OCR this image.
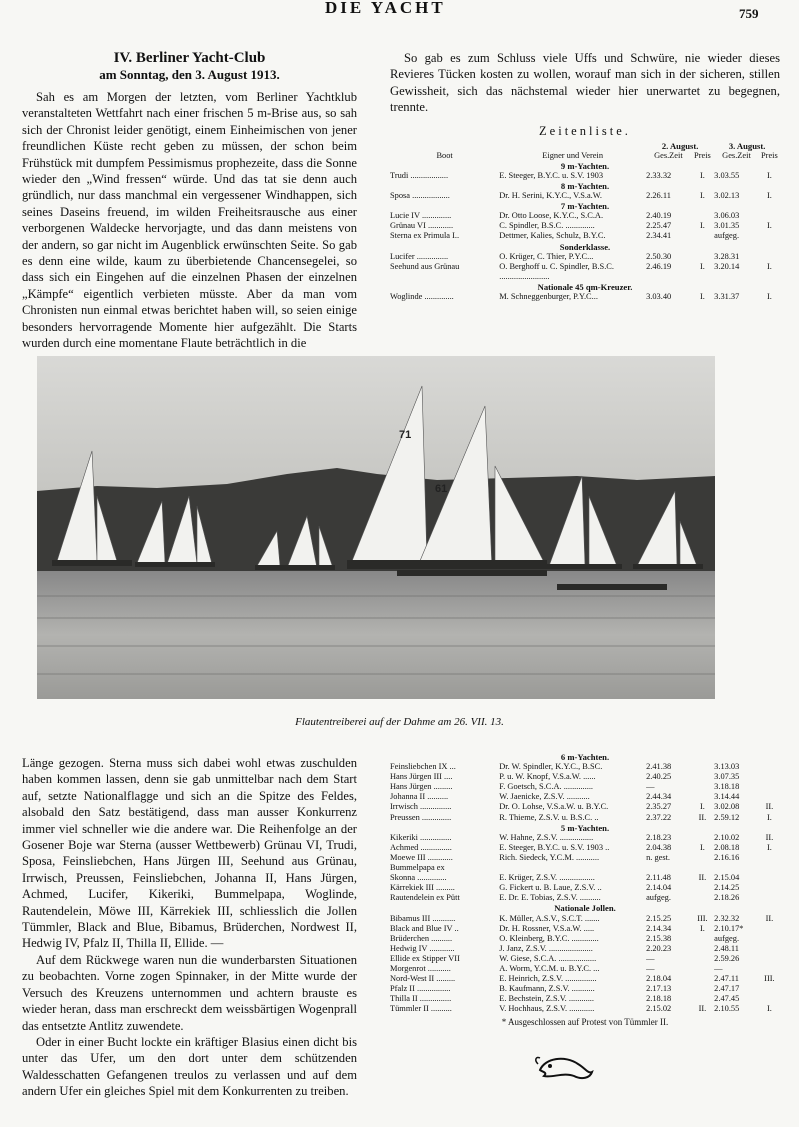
DIE YACHT	759

IV. Berliner Yacht-Club

am Sonntag, den 3. August 1913.

Sah es am Morgen der letzten, vom Berliner Yachtklub veranstalteten Wettfahrt nach einer frischen 5 m-Brise aus, so sah sich der Chronist leider genötigt, einem Einheimischen von jener freundlichen Küste recht geben zu müssen, der schon beim Frühstück mit dumpfem Pessimismus prophezeite, dass die Sonne wieder den „Wind fressen“ würde. Und das tat sie denn auch gründlich, nur dass manchmal ein vergessener Windhappen, sich seines Daseins freuend, im wilden Freiheitsrausche aus einer verborgenen Waldecke hervorjagte, und das dann meistens von der andern, so gar nicht im Augenblick erwünschten Seite. So gab es denn eine wilde, kaum zu überbietende Chancensegelei, so dass sich ein Eingehen auf die einzelnen Phasen der einzelnen „Kämpfe“ eigentlich verbieten müsste. Aber da man vom Chronisten nun einmal etwas berichtet haben will, so seien einige besonders hervorragende Momente hier aufgezählt. Die Starts wurden durch eine momentane Flaute beträchtlich in die

So gab es zum Schluss viele Uffs und Schwüre, nie wieder dieses Revieres Tücken kosten zu wollen, worauf man sich in der sicheren, stillen Gewissheit, sich das nächstemal wieder hier unerwartet zu begegnen, trennte.

Zeitenliste.
		2. August.		3. August.	
Boot	Eigner und Verein	Ges.Zeit	Preis	Ges.Zeit	Preis
9 m-Yachten.					
Trudi ..................	E. Steeger, B.Y.C. u. S.V. 1903	2.33.32	I.	3.03.55	I.
8 m-Yachten.					
Sposa ..................	Dr. H. Serini, K.Y.C., V.S.a.W.	2.26.11	I.	3.02.13	I.
7 m-Yachten.					
Lucie IV ..............	Dr. Otto Loose, K.Y.C., S.C.A.	2.40.19		3.06.03	
Grünau VI ............	C. Spindler, B.S.C. ..............	2.25.47	I.	3.01.35	I.
Sterna ex Primula I..	Dettmer, Kalies, Schulz, B.Y.C.	2.34.41		aufgeg.	
Sonderklasse.					
Lucifer ...............	O. Krüger, C. Thier, P.Y.C...	2.50.30		3.28.31	
Seehund aus Grünau	O. Berghoff u. C. Spindler, B.S.C. ........................	2.46.19	I.	3.20.14	I.
Nationale 45 qm-Kreuzer.					
Woglinde ..............	M. Schneggenburger, P.Y.C...	3.03.40	I.	3.31.37	I.
71
61
Flautentreiberei auf der Dahme am 26. VII. 13.

Länge gezogen. Sterna muss sich dabei wohl etwas zuschulden haben kommen lassen, denn sie gab unmittelbar nach dem Start auf, setzte Nationalflagge und sich an die Spitze des Feldes, alsobald den Satz bestätigend, dass man ausser Konkurrenz immer viel schneller wie die andere war. Die Reihenfolge an der Gosener Boje war Sterna (ausser Wettbewerb) Grünau VI, Trudi, Sposa, Feinsliebchen, Hans Jürgen III, Seehund aus Grünau, Irrwisch, Preussen, Feinsliebchen, Johanna II, Hans Jürgen, Achmed, Lucifer, Kikeriki, Bummelpapa, Woglinde, Rautendelein, Möwe III, Kärrekiek III, schliesslich die Jollen Tümmler, Black and Blue, Bibamus, Brüderchen, Nordwest II, Hedwig IV, Pfalz II, Thilla II, Ellide. —

Auf dem Rückwege waren nun die wunderbarsten Situationen zu beobachten. Vorne zogen Spinnaker, in der Mitte wurde der Versuch des Kreuzens unternommen und achtern brauste es wieder heran, dass man erschreckt dem weissbärtigen Wogenprall das entsetzte Antlitz zuwendete.

Oder in einer Bucht lockte ein kräftiger Blasius einen dicht bis unter das Ufer, um den dort unter dem schützenden Waldesschatten Gefangenen treulos zu verlassen und auf dem andern Ufer ein gleiches Spiel mit dem Konkurrenten zu treiben.

6 m-Yachten.					
Feinsliebchen IX ...	Dr. W. Spindler, K.Y.C., B.SC.	2.41.38		3.13.03	
Hans Jürgen III ....	P. u. W. Knopf, V.S.a.W. ......	2.40.25		3.07.35	
Hans Jürgen .........	F. Goetsch, S.C.A. ..............	—		3.18.18	
Johanna II ..........	W. Jaenicke, Z.S.V. ...........	2.44.34		3.14.44	
Irrwisch ...............	Dr. O. Lohse, V.S.a.W. u. B.Y.C.	2.35.27	I.	3.02.08	II.
Preussen ..............	R. Thieme, Z.S.V. u. B.S.C. ..	2.37.22	II.	2.59.12	I.
5 m-Yachten.					
Kikeriki ...............	W. Hahne, Z.S.V. ................	2.18.23		2.10.02	II.
Achmed ...............	E. Steeger, B.Y.C. u. S.V. 1903 ..	2.04.38	I.	2.08.18	I.
Moewe III ............	Rich. Siedeck, Y.C.M. ...........	n. gest.		2.16.16	
Bummelpapa ex					
Skonna ..............	E. Krüger, Z.S.V. .................	2.11.48	II.	2.15.04	
Kärrekiek III .........	G. Fickert u. B. Laue, Z.S.V. ..	2.14.04		2.14.25	
Rautendelein ex Pütt	E. Dr. E. Tobias, Z.S.V. ..........	aufgeg.		2.18.26	
Nationale Jollen.					
Bibamus III ...........	K. Müller, A.S.V., S.C.T. .......	2.15.25	III.	2.32.32	II.
Black and Blue IV ..	Dr. H. Rossner, V.S.a.W. .....	2.14.34	I.	2.10.17*	
Brüderchen ..........	O. Kleinberg, B.Y.C. .............	2.15.38		aufgeg.	
Hedwig IV ............	J. Janz, Z.S.V. .....................	2.20.23		2.48.11	
Ellide ex Stipper VII	W. Giese, S.C.A. ..................	—		2.59.26	
Morgenrot ...........	A. Worm, Y.C.M. u. B.Y.C. ...	—		—	
Nord-West II .........	E. Heinrich, Z.S.V. ...............	2.18.04		2.47.11	III.
Pfalz II ................	B. Kaufmann, Z.S.V. ...........	2.17.13		2.47.17	
Thilla II ...............	E. Bechstein, Z.S.V. ............	2.18.18		2.47.45	
Tümmler II ..........	V. Hochhaus, Z.S.V. ............	2.15.02	II.	2.10.55	I.
* Ausgeschlossen auf Protest von Tümmler II.
